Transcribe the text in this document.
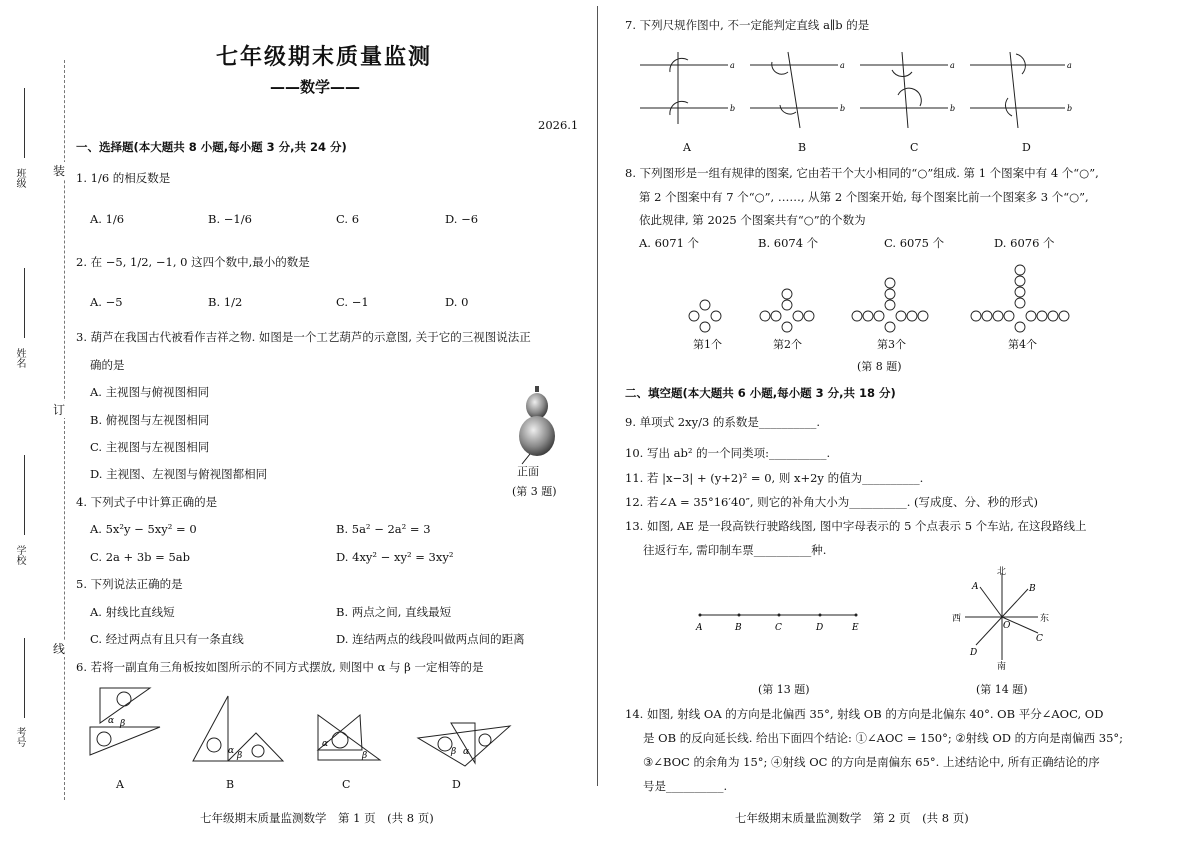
班级
姓名
学校
考号
装
订
线
七年级期末质量监测
——数学——
2026.1
一、选择题(本大题共 8 小题,每小题 3 分,共 24 分)
1. 1/6 的相反数是
A. 1/6	B. −1/6	C. 6	D. −6
2. 在 −5, 1/2, −1, 0 这四个数中,最小的数是
A. −5	B. 1/2	C. −1	D. 0
3. 葫芦在我国古代被看作吉祥之物. 如图是一个工艺葫芦的示意图, 关于它的三视图说法正
确的是
A. 主视图与俯视图相同
B. 俯视图与左视图相同
C. 主视图与左视图相同
D. 主视图、左视图与俯视图都相同	正面
(第 3 题)
4. 下列式子中计算正确的是
A. 5x²y − 5xy² = 0	B. 5a² − 2a² = 3
C. 2a + 3b = 5ab	D. 4xy² − xy² = 3xy²
5. 下列说法正确的是
A. 射线比直线短	B. 两点之间, 直线最短
C. 经过两点有且只有一条直线	D. 连结两点的线段叫做两点间的距离
6. 若将一副直角三角板按如图所示的不同方式摆放, 则图中 α 与 β 一定相等的是
α β
α β
α
β	β α
A	B	C	D
七年级期末质量监测数学　第 1 页　(共 8 页)
7. 下列尺规作图中, 不一定能判定直线 a∥b 的是
a
b
a
b
a
b
a
b
A	B	C	D
8. 下列图形是一组有规律的图案, 它由若干个大小相同的“○”组成. 第 1 个图案中有 4 个“○”,
第 2 个图案中有 7 个“○”, ……, 从第 2 个图案开始, 每个图案比前一个图案多 3 个“○”,
依此规律, 第 2025 个图案共有“○”的个数为
A. 6071 个	B. 6074 个	C. 6075 个	D. 6076 个
第1个	第2个	第3个	第4个
(第 8 题)
二、填空题(本大题共 6 小题,每小题 3 分,共 18 分)
9. 单项式 2xy/3 的系数是__________.
10. 写出 ab² 的一个同类项:__________.
11. 若 |x−3| + (y+2)² = 0, 则 x+2y 的值为__________.
12. 若∠A = 35°16′40″, 则它的补角大小为__________. (写成度、分、秒的形式)
13. 如图, AE 是一段高铁行驶路线图, 图中字母表示的 5 个点表示 5 个车站, 在这段路线上
往返行车, 需印制车票__________种.
A	B	C	D	E
(第 13 题)
北
南
东
西
A	B
C
D
O
(第 14 题)
14. 如图, 射线 OA 的方向是北偏西 35°, 射线 OB 的方向是北偏东 40°. OB 平分∠AOC, OD
是 OB 的反向延长线. 给出下面四个结论: ①∠AOC = 150°; ②射线 OD 的方向是南偏西 35°;
③∠BOC 的余角为 15°; ④射线 OC 的方向是南偏东 65°. 上述结论中, 所有正确结论的序
号是__________.
七年级期末质量监测数学　第 2 页　(共 8 页)
